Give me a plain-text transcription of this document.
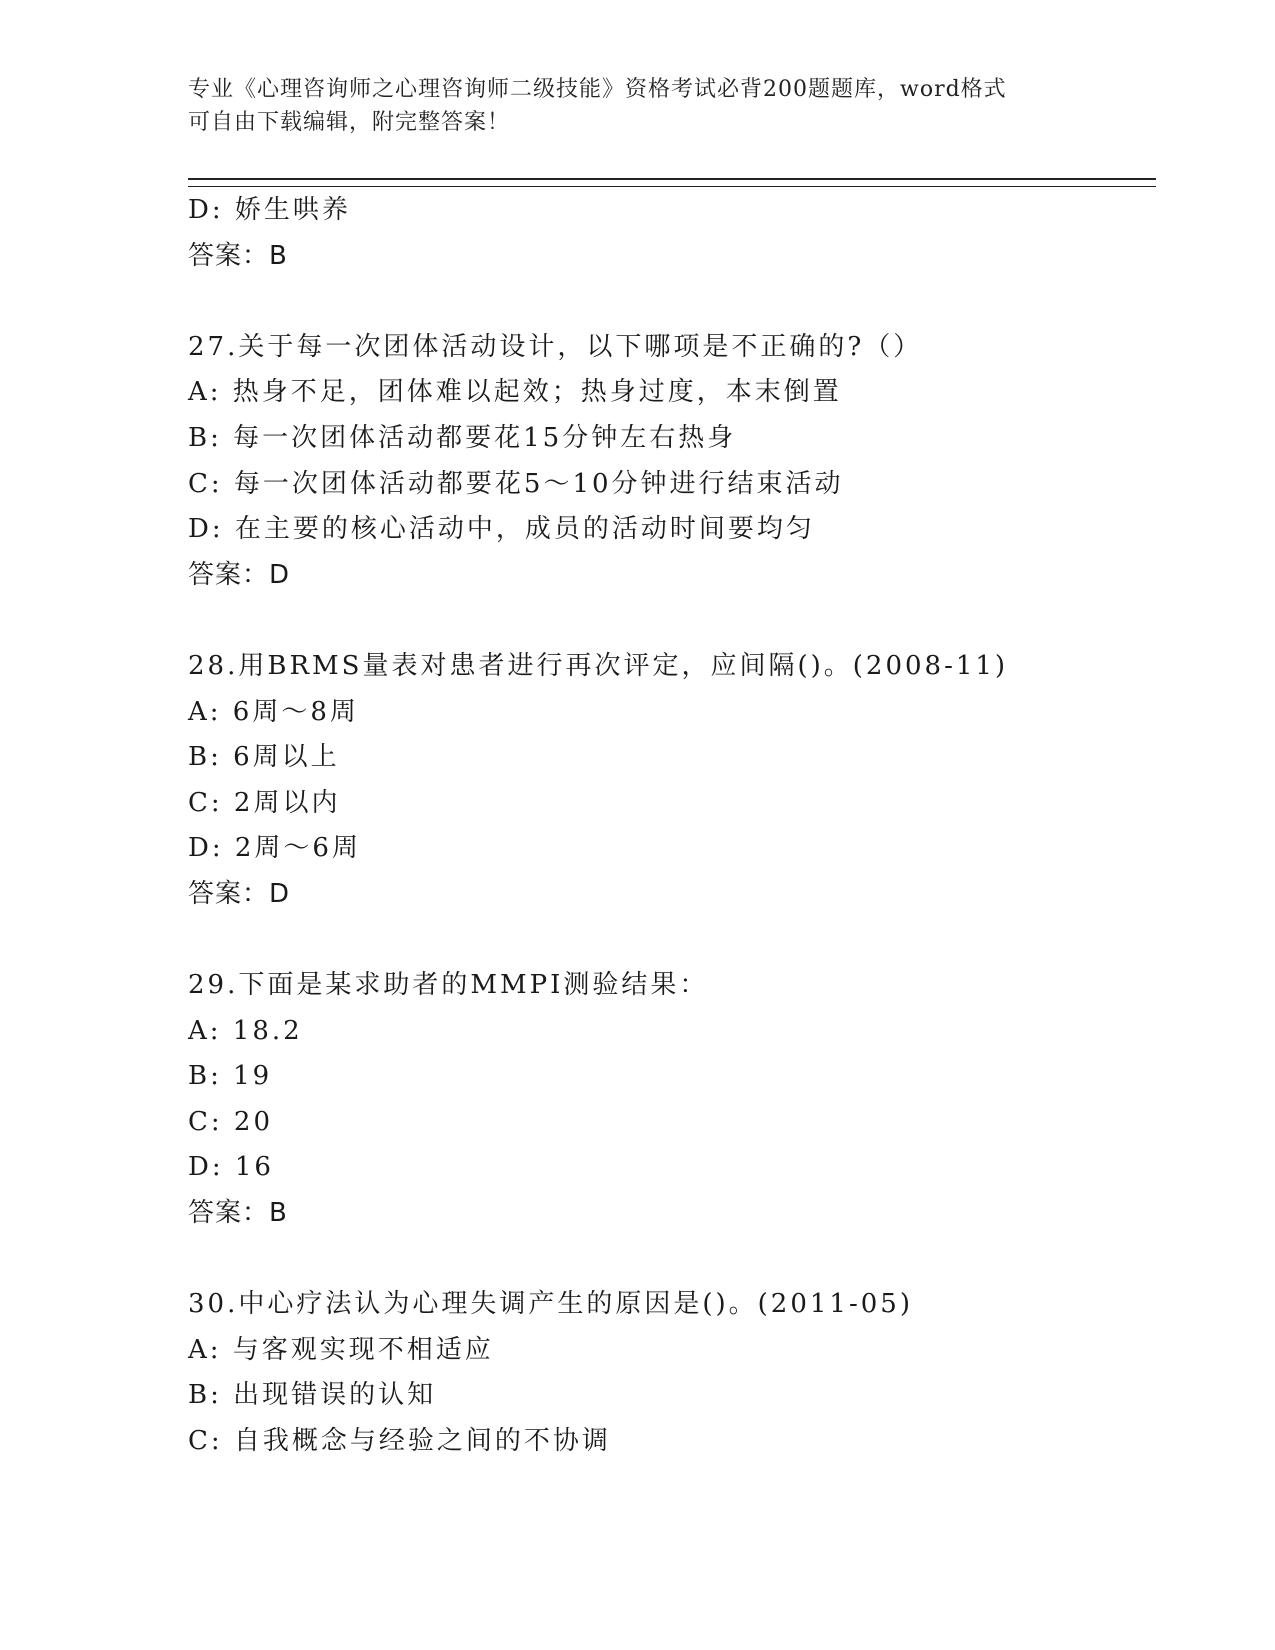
专业《心理咨询师之心理咨询师二级技能》资格考试必背200题题库，word格式
可自由下载编辑，附完整答案！
D: 娇生哄养
答案：B
27.关于每一次团体活动设计，以下哪项是不正确的?（）
A: 热身不足，团体难以起效；热身过度，本末倒置
B: 每一次团体活动都要花15分钟左右热身
C: 每一次团体活动都要花5～10分钟进行结束活动
D: 在主要的核心活动中，成员的活动时间要均匀
答案：D
28.用BRMS量表对患者进行再次评定，应间隔()。(2008-11)
A: 6周～8周
B: 6周以上
C: 2周以内
D: 2周～6周
答案：D
29.下面是某求助者的MMPI测验结果：
A: 18.2
B: 19
C: 20
D: 16
答案：B
30.中心疗法认为心理失调产生的原因是()。(2011-05)
A: 与客观实现不相适应
B: 出现错误的认知
C: 自我概念与经验之间的不协调
